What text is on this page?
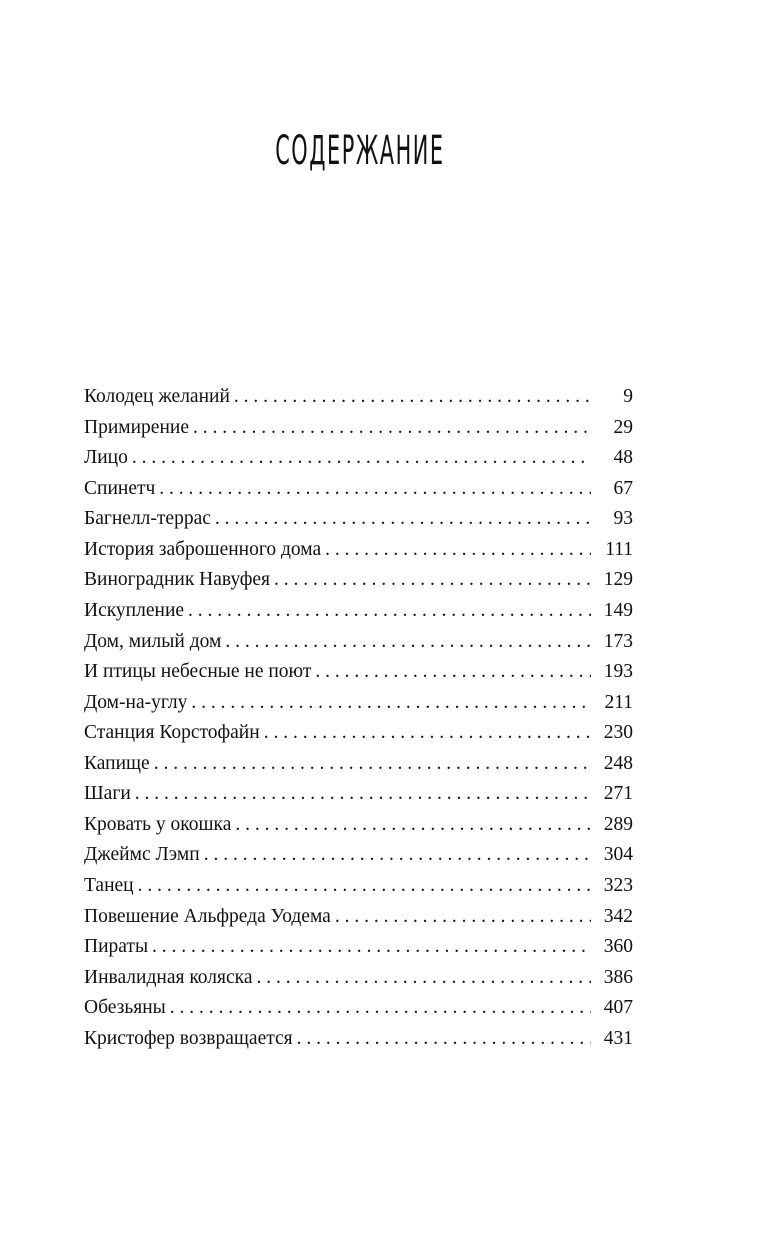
СОДЕРЖАНИЕ
Колодец желаний . . .	9
Примирение . . .	29
Лицо . . .	48
Спинетч . . .	67
Багнелл-террас . . .	93
История заброшенного дома . . .	111
Виноградник Навуфея . . .	129
Искупление . . .	149
Дом, милый дом . . .	173
И птицы небесные не поют . . .	193
Дом-на-углу . . .	211
Станция Корстофайн . . .	230
Капище . . .	248
Шаги . . .	271
Кровать у окошка . . .	289
Джеймс Лэмп . . .	304
Танец . . .	323
Повешение Альфреда Уодема . . .	342
Пираты . . .	360
Инвалидная коляска . . .	386
Обезьяны . . .	407
Кристофер возвращается . . .	431
